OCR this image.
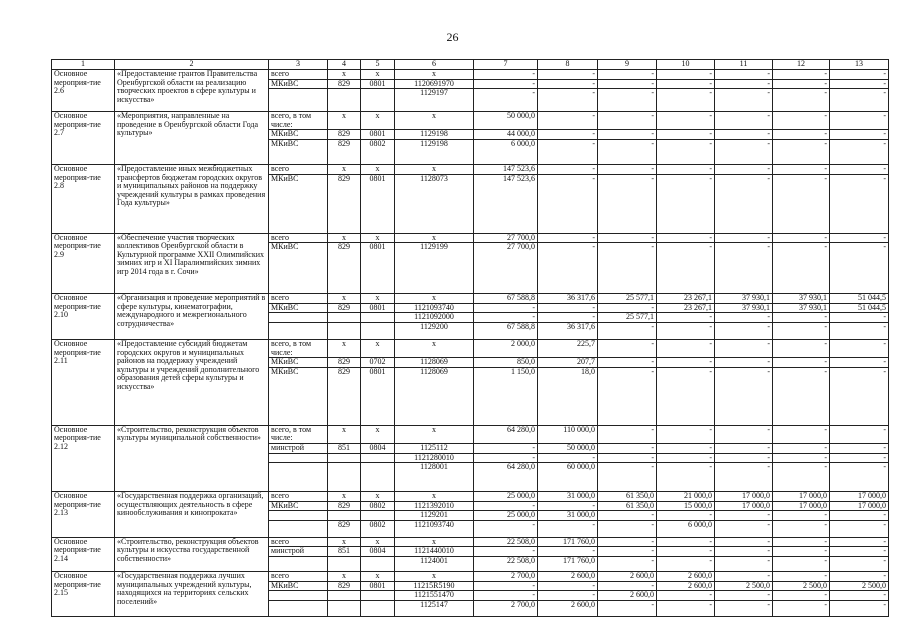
26
1	2	3	4	5	6	7	8	9	10	11	12	13
Основное мероприя-тие 2.6	«Предоставление грантов Правительства Оренбургской области на реализацию творческих проектов в сфере культуры и искусства»	всего	x	x	x	-	-	-	-	-	-	-
		МКиВС	829	0801	1120691970	-	-	-	-	-	-	-
					1129197	-	-	-	-	-	-	-
Основное мероприя-тие 2.7	«Мероприятия, направленные на проведение в Оренбургской области Года культуры»	всего, в том числе:	x	x	x	50 000,0	-	-	-	-	-	-
		МКиВС	829	0801	1129198	44 000,0	-	-	-	-	-	-
		МКиВС	829	0802	1129198	6 000,0	-	-	-	-	-	-
Основное мероприя-тие 2.8	«Предоставление иных межбюджетных трансфертов бюджетам городских округов и муниципальных районов на поддержку учреждений культуры в рамках проведения Года культуры»	всего	x	x	x	147 523,6	-	-	-	-	-	-
		МКиВС	829	0801	1128073	147 523,6	-	-	-	-	-	-
Основное мероприя-тие 2.9	«Обеспечение участия творческих коллективов Оренбургской области в Культурной программе XXII Олимпийских зимних игр и XI Паралимпийских зимних игр 2014 года в г. Сочи»	всего	x	x	x	27 700,0	-	-	-	-	-	-
		МКиВС	829	0801	1129199	27 700,0	-	-	-	-	-	-
Основное мероприя-тие 2.10	«Организация и проведение мероприятий в сфере культуры, кинематографии, международного и межрегионального сотрудничества»	всего	x	x	x	67 588,8	36 317,6	25 577,1	23 267,1	37 930,1	37 930,1	51 044,5
		МКиВС	829	0801	1121093740	-	-	-	23 267,1	37 930,1	37 930,1	51 044,5
					1121092000	-	-	25 577,1	-	-	-	-
					1129200	67 588,8	36 317,6	-	-	-	-	-
Основное мероприя-тие 2.11	«Предоставление субсидий бюджетам городских округов и муниципальных районов на поддержку учреждений культуры и учреждений дополнительного образования детей сферы культуры и искусства»	всего, в том числе:	x	x	x	2 000,0	225,7	-	-	-	-	-
		МКиВС	829	0702	1128069	850,0	207,7	-	-	-	-	-
		МКиВС	829	0801	1128069	1 150,0	18,0	-	-	-	-	-
Основное мероприя-тие 2.12	«Строительство, реконструкция объектов культуры муниципальной собственности»	всего, в том числе:	x	x	x	64 280,0	110 000,0	-	-	-	-	-
		минстрой	851	0804	1125112	-	50 000,0	-	-	-	-	-
					1121280010	-	-	-	-	-	-	-
					1128001	64 280,0	60 000,0	-	-	-	-	-
Основное мероприя-тие 2.13	«Государственная поддержка организаций, осуществляющих деятельность в сфере кинообслуживания и кинопроката»	всего	x	x	x	25 000,0	31 000,0	61 350,0	21 000,0	17 000,0	17 000,0	17 000,0
		МКиВС	829	0802	1121392010	-	-	61 350,0	15 000,0	17 000,0	17 000,0	17 000,0
					1129201	25 000,0	31 000,0	-	-	-	-	-
			829	0802	1121093740	-	-	-	6 000,0	-	-	-
Основное мероприя-тие 2.14	«Строительство, реконструкция объектов культуры и искусства государственной собственности»	всего	x	x	x	22 508,0	171 760,0	-	-	-	-	-
		минстрой	851	0804	1121440010	-	-	-	-	-	-	-
					1124001	22 508,0	171 760,0	-	-	-	-	-
Основное мероприя-тие 2.15	«Государственная поддержка лучших муниципальных учреждений культуры, находящихся на территориях сельских поселений»	всего	x	x	x	2 700,0	2 600,0	2 600,0	2 600,0	-	-	-
		МКиВС	829	0801	11215R5190	-	-	-	2 600,0	2 500,0	2 500,0	2 500,0
					1121551470	-	-	2 600,0	-	-	-	-
					1125147	2 700,0	2 600,0	-	-	-	-	-
